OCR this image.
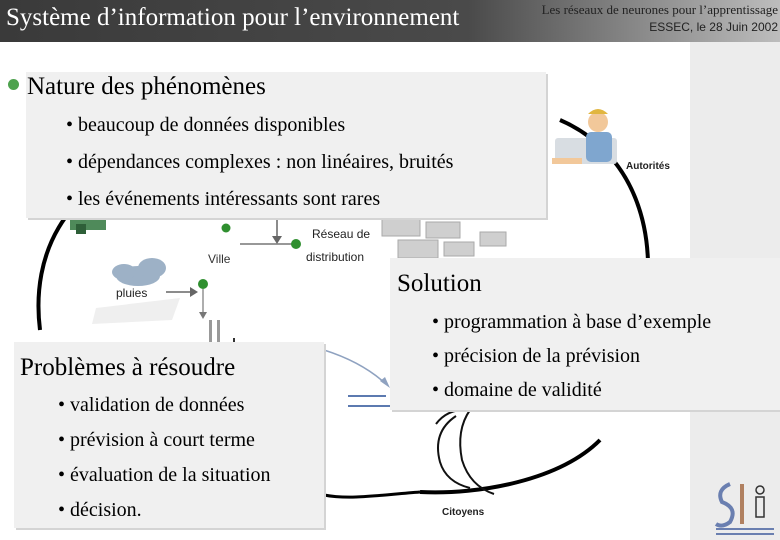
Système d’information pour l’environnement	Les réseaux de neurones pour l’apprentissage
ESSEC, le 28 Juin 2002
Autorités
Réseau de
distribution
Ville
pluies
Citoyens
Nature des phénomènes
• beaucoup de données disponibles
• dépendances complexes : non linéaires, bruités
• les événements intéressants sont rares
Problèmes à résoudre
• validation de données
• prévision à court terme
• évaluation de la situation
• décision.
Solution
• programmation à base d’exemple
• précision de la prévision
• domaine de validité
